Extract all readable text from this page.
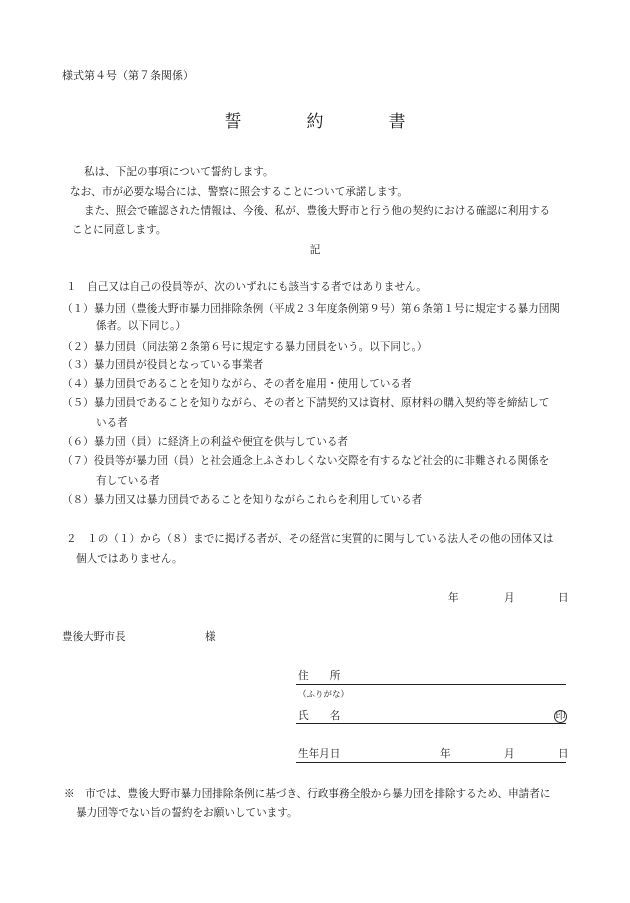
様式第４号（第７条関係）
誓　約　書
私は、下記の事項について誓約します。
なお、市が必要な場合には、警察に照会することについて承諾します。
また、照会で確認された情報は、今後、私が、豊後大野市と行う他の契約における確認に利用する
ことに同意します。
記
１　自己又は自己の役員等が、次のいずれにも該当する者ではありません。
（１）暴力団（豊後大野市暴力団排除条例（平成２３年度条例第９号）第６条第１号に規定する暴力団関
係者。以下同じ。）
（２）暴力団員（同法第２条第６号に規定する暴力団員をいう。以下同じ。）
（３）暴力団員が役員となっている事業者
（４）暴力団員であることを知りながら、その者を雇用・使用している者
（５）暴力団員であることを知りながら、その者と下請契約又は資材、原材料の購入契約等を締結して
いる者
（６）暴力団（員）に経済上の利益や便宜を供与している者
（７）役員等が暴力団（員）と社会通念上ふさわしくない交際を有するなど社会的に非難される関係を
有している者
（８）暴力団又は暴力団員であることを知りながらこれらを利用している者
２　１の（１）から（８）までに掲げる者が、その経営に実質的に関与している法人その他の団体又は
個人ではありません。
年	月	日
豊後大野市長	様
住　　所
（ふりがな）
氏　　名	印
生年月日	年	月	日
※　市では、豊後大野市暴力団排除条例に基づき、行政事務全般から暴力団を排除するため、申請者に
暴力団等でない旨の誓約をお願いしています。
